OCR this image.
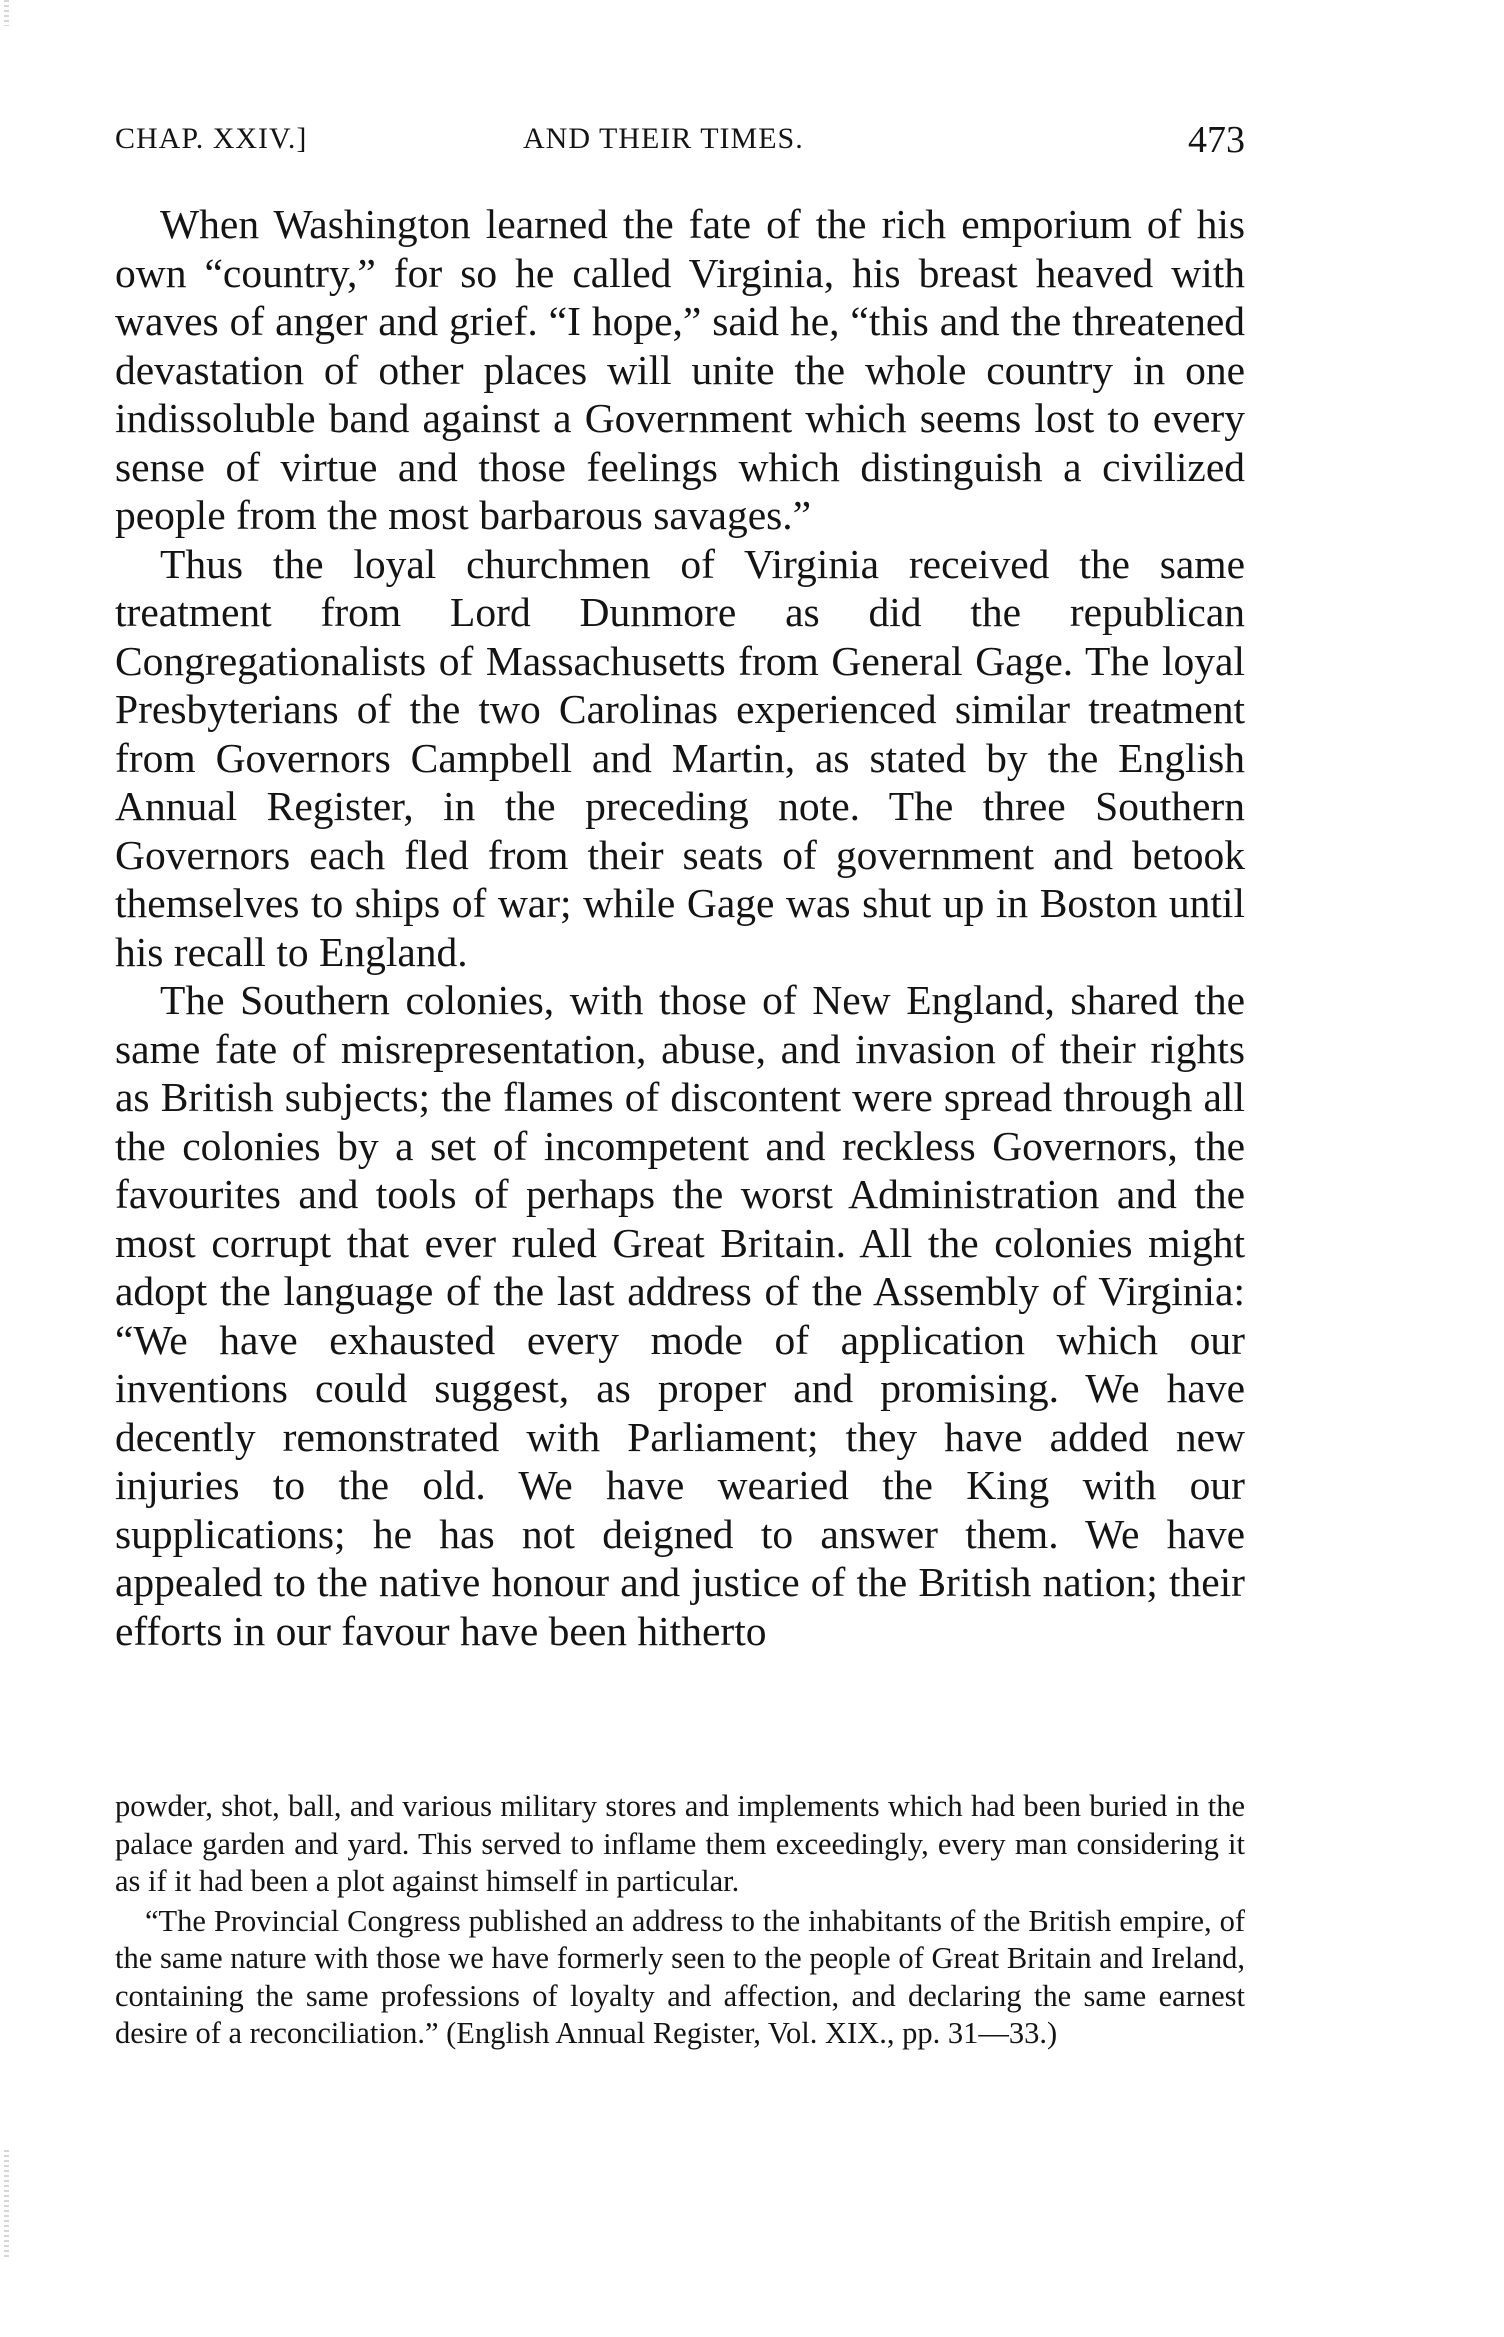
CHAP. XXIV.]	AND THEIR TIMES.	473

When Washington learned the fate of the rich emporium of his own “country,” for so he called Virginia, his breast heaved with waves of anger and grief. “I hope,” said he, “this and the threatened devastation of other places will unite the whole country in one indissoluble band against a Government which seems lost to every sense of virtue and those feelings which distinguish a civilized people from the most barbarous savages.”

Thus the loyal churchmen of Virginia received the same treatment from Lord Dunmore as did the republican Congregationalists of Massachusetts from General Gage. The loyal Presbyterians of the two Carolinas experienced similar treatment from Governors Campbell and Martin, as stated by the English Annual Register, in the preceding note. The three Southern Governors each fled from their seats of government and betook themselves to ships of war; while Gage was shut up in Boston until his recall to England.

The Southern colonies, with those of New England, shared the same fate of misrepresentation, abuse, and invasion of their rights as British subjects; the flames of discontent were spread through all the colonies by a set of incompetent and reckless Governors, the favourites and tools of perhaps the worst Administration and the most corrupt that ever ruled Great Britain. All the colonies might adopt the language of the last address of the Assembly of Virginia: “We have exhausted every mode of application which our inventions could suggest, as proper and promising. We have decently remonstrated with Parliament; they have added new injuries to the old. We have wearied the King with our supplications; he has not deigned to answer them. We have appealed to the native honour and justice of the British nation; their efforts in our favour have been hitherto

powder, shot, ball, and various military stores and implements which had been buried in the palace garden and yard. This served to inflame them exceedingly, every man considering it as if it had been a plot against himself in particular.

“The Provincial Congress published an address to the inhabitants of the British empire, of the same nature with those we have formerly seen to the people of Great Britain and Ireland, containing the same professions of loyalty and affection, and declaring the same earnest desire of a reconciliation.” (English Annual Register, Vol. XIX., pp. 31—33.)
